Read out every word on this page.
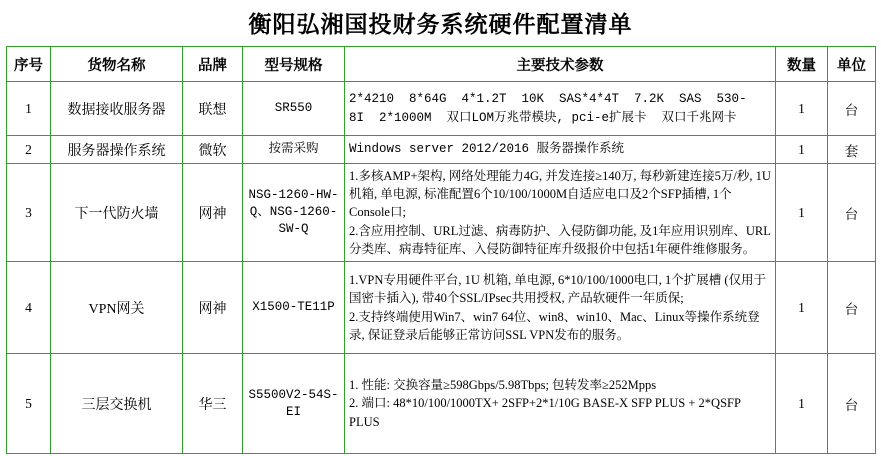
衡阳弘湘国投财务系统硬件配置清单
序号	货物名称	品牌	型号规格	主要技术参数	数量	单位
1	数据接收服务器	联想	SR550	2*4210  8*64G  4*1.2T  10K  SAS*4*4T  7.2K  SAS  530-
8I  2*1000M  双口LOM万兆带模块, pci-e扩展卡  双口千兆网卡	1	台
2	服务器操作系统	微软	按需采购	Windows server 2012/2016 服务器操作系统	1	套
3	下一代防火墙	网神	NSG-1260-HW-Q、NSG-1260-SW-Q	1.多核AMP+架构, 网络处理能力4G, 并发连接≥140万, 每秒新建连接5万/秒, 1U机箱, 单电源, 标准配置6个10/100/1000M自适应电口及2个SFP插槽, 1个Console口;
2.含应用控制、URL过滤、病毒防护、入侵防御功能, 及1年应用识别库、URL分类库、病毒特征库、入侵防御特征库升级报价中包括1年硬件维修服务。	1	台
4	VPN网关	网神	X1500-TE11P	1.VPN专用硬件平台, 1U 机箱, 单电源, 6*10/100/1000电口, 1个扩展槽 (仅用于国密卡插入), 带40个SSL/IPsec共用授权, 产品软硬件一年质保;
2.支持终端使用Win7、win7 64位、win8、win10、Mac、Linux等操作系统登录, 保证登录后能够正常访问SSL VPN发布的服务。	1	台
5	三层交换机	华三	S5500V2-54S-EI	1. 性能: 交换容量≥598Gbps/5.98Tbps; 包转发率≥252Mpps
2. 端口: 48*10/100/1000TX+ 2SFP+2*1/10G BASE-X SFP PLUS + 2*QSFP PLUS	1	台
